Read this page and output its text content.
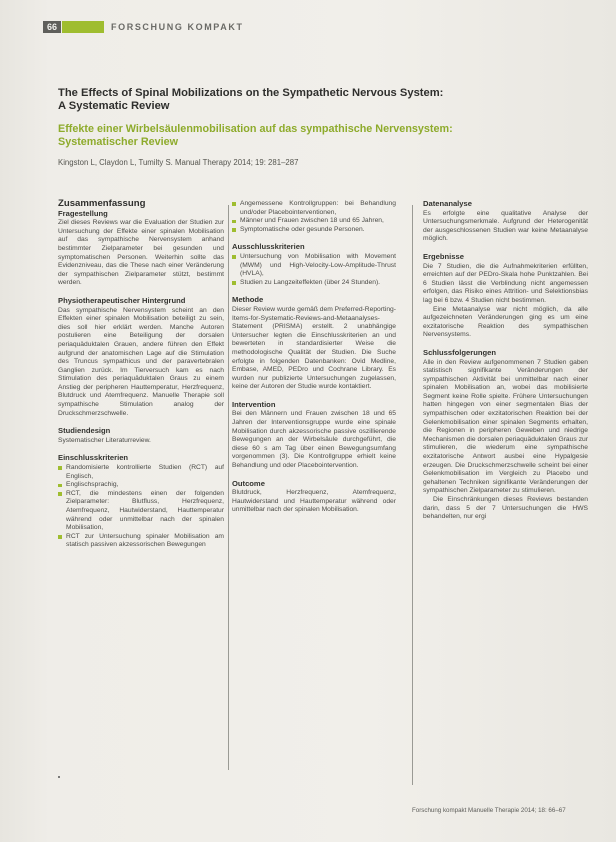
66	FORSCHUNG KOMPAKT
The Effects of Spinal Mobilizations on the Sympathetic Nervous System:
A Systematic Review
Effekte einer Wirbelsäulenmobilisation auf das sympathische Nervensystem:
Systematischer Review
Kingston L, Claydon L, Tumilty S. Manual Therapy 2014; 19: 281–287
Zusammenfassung
Fragestellung

Ziel dieses Reviews war die Evaluation der Studien zur Untersuchung der Effekte einer spinalen Mobilisation auf das sympathische Nervensystem anhand bestimmter Zielparameter bei gesunden und symptomatischen Personen. Weiterhin sollte das Evidenzniveau, das die These nach einer Veränderung der sympathischen Zielparameter stützt, bestimmt werden.

Physiotherapeutischer Hintergrund

Das sympathische Nervensystem scheint an den Effekten einer spinalen Mobilisation beteiligt zu sein, dies soll hier erklärt werden. Manche Autoren postulieren eine Beteiligung der dorsalen periaquäduktalen Grauen, andere führen den Effekt aufgrund der anatomischen Lage auf die Stimulation des Truncus sympathicus und der paravertebralen Ganglien zurück. Im Tierversuch kam es nach Stimulation des periaquäduktalen Graus zu einem Anstieg der peripheren Hauttemperatur, Herzfrequenz, Blutdruck und Atemfrequenz. Manuelle Therapie soll sympathische Stimulation analog der Druckschmerzschwelle.

Studiendesign

Systematischer Literaturreview.

Einschlusskriterien
Randomisierte kontrollierte Studien (RCT) auf Englisch,
Englischsprachig,
RCT, die mindestens einen der folgenden Zielparameter: Blutfluss, Herzfrequenz, Atemfrequenz, Hautwiderstand, Hauttemperatur während oder unmittelbar nach der spinalen Mobilisation,
RCT zur Untersuchung spinaler Mobilisation am statisch passiven akzessorischen Bewegungen
Angemessene Kontrollgruppen: bei Behandlung und/oder Placebointerventionen,
Männer und Frauen zwischen 18 und 65 Jahren,
Symptomatische oder gesunde Personen.
Ausschlusskriterien
Untersuchung von Mobilisation with Movement (MWM) und High-Velocity-Low-Amplitude-Thrust (HVLA),
Studien zu Langzeiteffekten (über 24 Stunden).
Methode

Dieser Review wurde gemäß dem Preferred-Reporting-Items-for-Systematic-Reviews-and-Metaanalyses-Statement (PRISMA) erstellt. 2 unabhängige Untersucher legten die Einschlusskriterien an und bewerteten in standardisierter Weise die methodologische Qualität der Studien. Die Suche erfolgte in folgenden Datenbanken: Ovid Medline, Embase, AMED, PEDro und Cochrane Library. Es wurden nur publizierte Untersuchungen zugelassen, keine der Autoren der Studie wurde kontaktiert.

Intervention

Bei den Männern und Frauen zwischen 18 und 65 Jahren der Interventionsgruppe wurde eine spinale Mobilisation durch akzessorische passive oszillierende Bewegungen an der Wirbelsäule durchgeführt, die diese 60 s am Tag über einen Bewegungsumfang vorgenommen (3). Die Kontrollgruppe erhielt keine Behandlung und oder Placebointervention.

Outcome

Blutdruck, Herzfrequenz, Atemfrequenz, Hautwiderstand und Hauttemperatur während oder unmittelbar nach der spinalen Mobilisation.

Datenanalyse

Es erfolgte eine qualitative Analyse der Untersuchungsmerkmale. Aufgrund der Heterogenität der ausgeschlossenen Studien war keine Metaanalyse möglich.

Ergebnisse

Die 7 Studien, die die Aufnahmekriterien erfüllten, erreichten auf der PEDro-Skala hohe Punktzahlen. Bei 6 Studien lässt die Verblindung nicht angemessen erfolgen, das Risiko eines Attrition- und Selektionsbias lag bei 6 bzw. 4 Studien nicht bestimmen.

Eine Metaanalyse war nicht möglich, da alle aufgezeichneten Veränderungen ging es um eine exzitatorische Reaktion des sympathischen Nervensystems.

Schlussfolgerungen

Alle in den Review aufgenommenen 7 Studien gaben statistisch signifikante Veränderungen der sympathischen Aktivität bei unmittelbar nach einer spinalen Mobilisation an, wobei das mobilisierte Segment keine Rolle spielte. Frühere Untersuchungen hatten hingegen von einer segmentalen Bias der sympathischen oder exzitatorischen Reaktion bei der Gelenkmobilisation einer spinalen Segments erhalten, die Regionen in peripheren Geweben und niedrige Mechanismen die dorsalen periaquäduktalen Graus zur stimulieren, die wiederum eine sympathische exzitatorische Antwort ausbei eine Hypalgesie erzeugen. Die Druckschmerzschwelle scheint bei einer Gelenkmobilisation im Vergleich zu Placebo und gehaltenen Techniken signifikante Veränderungen der sympathischen Zielparameter zu stimulieren.

Die Einschränkungen dieses Reviews bestanden darin, dass 5 der 7 Untersuchungen die HWS behandelten, nur ergi

Forschung kompakt Manuelle Therapie 2014; 18: 66–67
